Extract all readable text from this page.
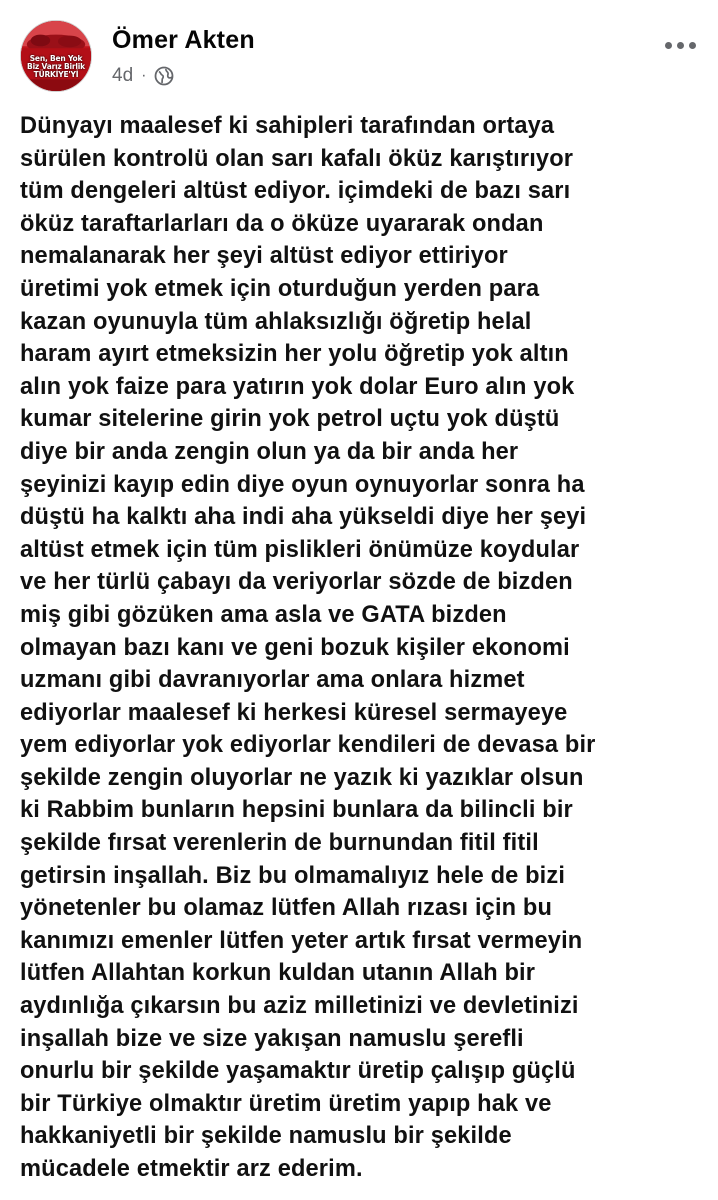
Sen, Ben Yok
Biz Varız Birlik
TÜRKİYE'Yİ
Ömer Akten
4d ·
Dünyayı maalesef ki sahipleri tarafından ortaya
sürülen kontrolü olan sarı kafalı öküz karıştırıyor
tüm dengeleri altüst ediyor. içimdeki de bazı sarı
öküz taraftarlarları da o öküze uyararak ondan
nemalanarak her şeyi altüst ediyor ettiriyor
üretimi yok etmek için oturduğun yerden para
kazan oyunuyla tüm ahlaksızlığı öğretip helal
haram ayırt etmeksizin her yolu öğretip yok altın
alın yok faize para yatırın yok dolar Euro alın yok
kumar sitelerine girin yok petrol uçtu yok düştü
diye bir anda zengin olun ya da bir anda her
şeyinizi kayıp edin diye oyun oynuyorlar sonra ha
düştü ha kalktı aha indi aha yükseldi diye her şeyi
altüst etmek için tüm pislikleri önümüze koydular
ve her türlü çabayı da veriyorlar sözde de bizden
miş gibi gözüken ama asla ve GATA bizden
olmayan bazı kanı ve geni bozuk kişiler ekonomi
uzmanı gibi davranıyorlar ama onlara hizmet
ediyorlar maalesef ki herkesi küresel sermayeye
yem ediyorlar yok ediyorlar kendileri de devasa bir
şekilde zengin oluyorlar ne yazık ki yazıklar olsun
ki Rabbim bunların hepsini bunlara da bilincli bir
şekilde fırsat verenlerin de burnundan fitil fitil
getirsin inşallah. Biz bu olmamalıyız hele de bizi
yönetenler bu olamaz lütfen Allah rızası için bu
kanımızı emenler lütfen yeter artık fırsat vermeyin
lütfen Allahtan korkun kuldan utanın Allah bir
aydınlığa çıkarsın bu aziz milletinizi ve devletinizi
inşallah bize ve size yakışan namuslu şerefli
onurlu bir şekilde yaşamaktır üretip çalışıp güçlü
bir Türkiye olmaktır üretim üretim yapıp hak ve
hakkaniyetli bir şekilde namuslu bir şekilde
mücadele etmektir arz ederim.
